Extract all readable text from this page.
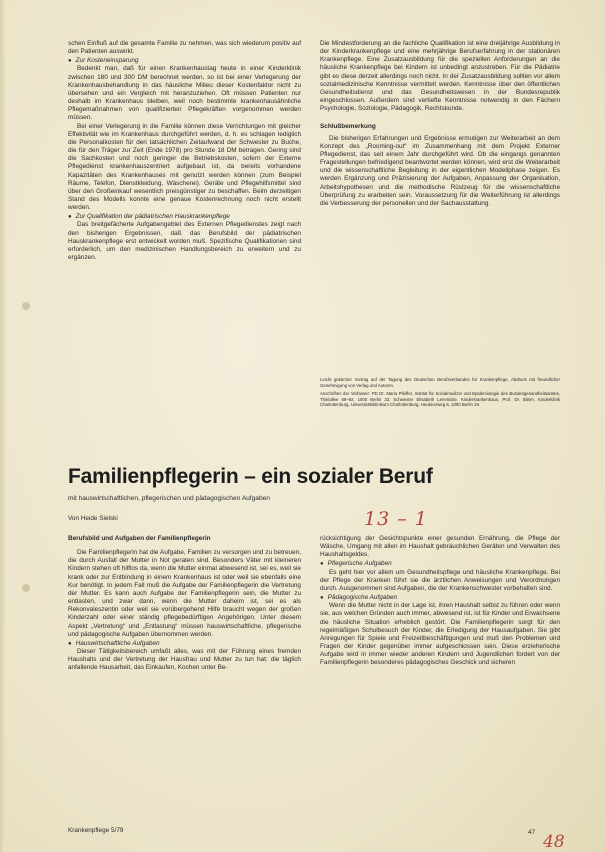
schen Einfluß auf die gesamte Familie zu nehmen, was sich wiederum positiv auf den Patienten auswirkt.

● Zur Kosteneinsparung

Bedenkt man, daß für einen Krankenhaustag heute in einer Kinderklinik zwischen 180 und 300 DM berechnet werden, so ist bei einer Verlegerung der Krankenhausbehandlung in das häusliche Milieu dieser Kostenfaktor nicht zu übersehen und ein Vergleich mit heranzuziehen. Oft müssen Patienten nur deshalb im Krankenhaus bleiben, weil noch bestimmte krankenhausähnliche Pflegemaßnahmen von qualifizierten Pflegekräften vorgenommen werden müssen.

Bei einer Verlegerung in die Familie können diese Verrichtungen mit gleicher Effektivität wie im Krankenhaus durchgeführt werden, d. h. es schlagen lediglich die Personalkosten für den tatsächlichen Zeitaufwand der Schwester zu Buche, die für den Träger zur Zeit (Ende 1978) pro Stunde 18 DM betragen. Gering sind die Sachkosten und noch geringer die Betriebskosten, sofern der Externe Pflegedienst krankenhauszentriert aufgebaut ist, da bereits vorhandene Kapazitäten des Krankenhauses mit genutzt werden können (zum Beispiel Räume, Telefon, Dienstkleidung, Wäscherei). Geräte und Pflegehilfsmittel sind über den Großeinkauf wesentlich preisgünstiger zu beschaffen. Beim derzeitigen Stand des Modells konnte eine genaue Kostenrechnung noch nicht erstellt werden.

● Zur Qualifikation der pädiatrischen Hauskrankenpflege

Das breitgefächerte Aufgabengebiet des Externen Pflegedienstes zeigt nach den bisherigen Ergebnissen, daß das Berufsbild der pädiatrischen Hauskrankenpflege erst entwickelt worden muß. Spezifische Qualifikationen sind erforderlich, um den medizinischen Handlungsbereich zu erweitern und zu ergänzen.

Die Mindestforderung an die fachliche Qualifikation ist eine dreijährige Ausbildung in der Kinderkrankenpflege und eine mehrjährige Berufserfahrung in der stationären Krankenpflege. Eine Zusatzausbildung für die speziellen Anforderungen an die häusliche Krankenpflege bei Kindern ist unbedingt anzustreben. Für die Pädiatrie gibt es diese derzeit allerdings noch nicht. In der Zusatzausbildung sollten vor allem sozialmedizinische Kenntnisse vermittelt werden. Kenntnisse über den öffentlichen Gesundheitsdienst und das Gesundheitswesen in der Bundesrepublik eingeschlossen. Außerdem sind vertiefte Kenntnisse notwendig in den Fächern Psychologie, Soziologie, Pädagogik, Rechtskunde.

Schlußbemerkung

Die bisherigen Erfahrungen und Ergebnisse ermutigen zur Weiterarbeit an dem Konzept des „Rooming-out“ im Zusammenhang mit dem Projekt Externer Pflegedienst, das seit einem Jahr durchgeführt wird. Ob die eingangs genannten Fragestellungen befriedigend beantwortet werden können, wird erst die Weiterarbeit und die wissenschaftliche Begleitung in der eigentlichen Modellphase zeigen. Es werden Ergänzung und Präzisierung der Aufgaben, Anpassung der Organisation, Arbeitshypothesen und die methodische Rüstzeug für die wissenschaftliche Überprüfung zu erarbeiten sein. Voraussetzung für die Weiterführung ist allerdings die Verbesserung der personellen und der Sachausstattung.

Leicht gekürzter Vortrag auf der Tagung des Deutschen Berufsverbandes für Krankenpflege, Abdruck mit freundlicher Genehmigung von Verlag und Autoren.

Anschriften der Verfasser: PD Dr. Maria Pfeiffer, Institut für Sozialmedizin und Epidemiologie des Bundesgesundheitsamtes, Thielallee 88–92, 1000 Berlin 33; Schwester Elisabeth Lemmicke, Kinderkrankenhaus, Prof. Dr. Bleim. Kinderklinik Charlottenburg, Universitätsklinikum Charlottenburg, Heubnerweg 6, 1000 Berlin 19.

Familienpflegerin – ein sozialer Beruf
mit hauswirtschaftlichen, pflegerischen und pädagogischen Aufgaben
Von Heide Sielski	13 – 1

Berufsbild und Aufgaben der Familienpflegerin

Die Familienpflegerin hat die Aufgabe, Familien zu versorgen und zu betreuen, die durch Ausfall der Mutter in Not geraten sind. Besonders Väter mit kleineren Kindern stehen oft hilflos da, wenn die Mutter einmal abwesend ist, sei es, weil sie krank oder zur Entbindung in einem Krankenhaus ist oder weil sie ebenfalls eine Kur benötigt. In jedem Fall muß die Aufgabe der Familienpflegerin die Vertretung der Mutter. Es kann auch Aufgabe der Familienpflegerin sein, die Mutter zu entlasten, und zwar dann, wenn die Mutter daheim ist, sei es als Rekonvaleszentin oder weil sie vorübergehend Hilfe braucht wegen der großen Kinderzahl oder einer ständig pflegebedürftigen Angehörigen. Unter diesem Aspekt „Vertretung“ und „Entlastung“ müssen hauswirtschaftliche, pflegerische und pädagogische Aufgaben übernommen werden.

● Hauswirtschaftliche Aufgaben

Dieser Tätigkeitsbereich umfaßt alles, was mit der Führung eines fremden Haushalts und der Vertretung der Hausfrau und Mutter zu tun hat: die täglich anfallende Hausarbeit, das Einkaufen, Kochen unter Be-

rücksichtigung der Gesichtspunkte einer gesunden Ernährung, die Pflege der Wäsche, Umgang mit allen im Haushalt gebräuchlichen Geräten und Verwalten des Haushaltsgeldes.

● Pflegerische Aufgaben

Es geht hier vor allem um Gesundheitspflege und häusliche Krankenpflege. Bei der Pflege der Kranken führt sie die ärztlichen Anweisungen und Verordnungen durch. Ausgenommen sind Aufgaben, die der Krankenschwester vorbehalten sind.

● Pädagogische Aufgaben

Wenn die Mutter nicht in der Lage ist, ihren Haushalt selbst zu führen oder wenn sie, aus welchen Gründen auch immer, abwesend ist, ist für Kinder und Erwachsene die häusliche Situation erheblich gestört. Die Familienpflegerin sorgt für den regelmäßigen Schulbesuch der Kinder, die Erledigung der Hausaufgaben. Sie gibt Anregungen für Spiele und Freizeitbeschäftigungen und muß den Problemen und Fragen der Kinder gegenüber immer aufgeschlossen sein. Diese erzieherische Aufgabe wird in immer wieder anderen Kindern und Jugendlichen fordert von der Familienpflegerin besonderes pädagogisches Geschick und sicheren

Krankenpflege 5/79	47 48
